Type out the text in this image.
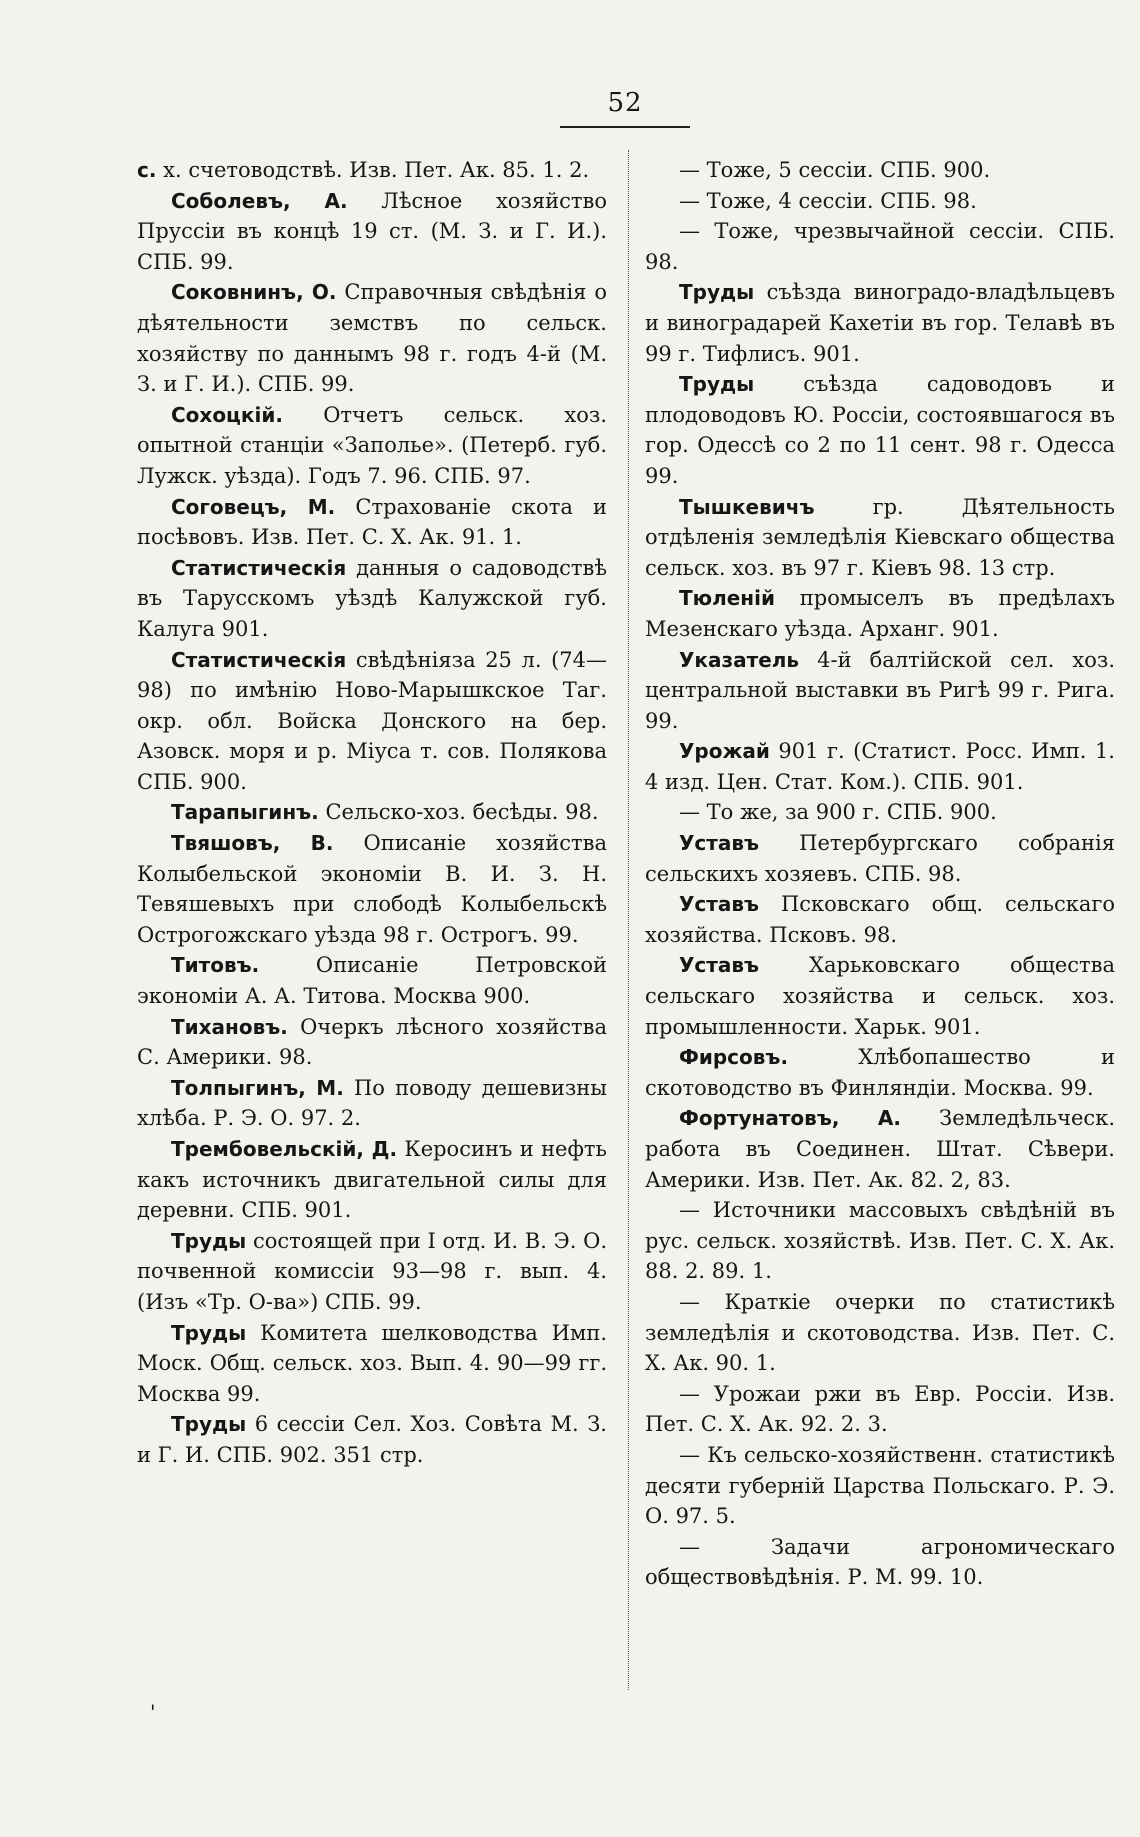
52

с. х. счетоводствѣ. Изв. Пет. Ак. 85. 1. 2.

Соболевъ, А. Лѣсное хозяйство Пруссіи въ концѣ 19 ст. (М. З. и Г. И.). СПБ. 99.

Соковнинъ, О. Справочныя свѣдѣнія о дѣятельности земствъ по сельск. хозяйству по даннымъ 98 г. годъ 4-й (М. З. и Г. И.). СПБ. 99.

Сохоцкій. Отчетъ сельск. хоз. опытной станціи «Заполье». (Петерб. губ. Лужск. уѣзда). Годъ 7. 96. СПБ. 97.

Соговецъ, М. Страхованіе скота и посѣвовъ. Изв. Пет. С. Х. Ак. 91. 1.

Статистическія данныя о садоводствѣ въ Тарусскомъ уѣздѣ Калужской губ. Калуга 901.

Статистическія свѣдѣніяза 25 л. (74—98) по имѣнію Ново-Марышкское Таг. окр. обл. Войска Донского на бер. Азовск. моря и р. Міуса т. сов. Полякова СПБ. 900.

Тарапыгинъ. Сельско-хоз. бесѣды. 98.

Твяшовъ, В. Описаніе хозяйства Колыбельской экономіи В. И. З. Н. Тевяшевыхъ при слободѣ Колыбельскѣ Острогожскаго уѣзда 98 г. Острогъ. 99.

Титовъ. Описаніе Петровской экономіи А. А. Титова. Москва 900.

Тихановъ. Очеркъ лѣсного хозяйства С. Америки. 98.

Толпыгинъ, М. По поводу дешевизны хлѣба. Р. Э. О. 97. 2.

Трембовельскій, Д. Керосинъ и нефть какъ источникъ двигательной силы для деревни. СПБ. 901.

Труды состоящей при I отд. И. В. Э. О. почвенной комиссіи 93—98 г. вып. 4. (Изъ «Тр. О-ва») СПБ. 99.

Труды Комитета шелководства Имп. Моск. Общ. сельск. хоз. Вып. 4. 90—99 гг. Москва 99.

Труды 6 сессіи Сел. Хоз. Совѣта М. З. и Г. И. СПБ. 902. 351 стр.

— Тоже, 5 сессіи. СПБ. 900.

— Тоже, 4 сессіи. СПБ. 98.

— Тоже, чрезвычайной сессіи. СПБ. 98.

Труды съѣзда виноградо-владѣльцевъ и виноградарей Кахетіи въ гор. Телавѣ въ 99 г. Тифлисъ. 901.

Труды съѣзда садоводовъ и плодоводовъ Ю. Россіи, состоявшагося въ гор. Одессѣ со 2 по 11 сент. 98 г. Одесса 99.

Тышкевичъ гр. Дѣятельность отдѣленія земледѣлія Кіевскаго общества сельск. хоз. въ 97 г. Кіевъ 98. 13 стр.

Тюленій промыселъ въ предѣлахъ Мезенскаго уѣзда. Арханг. 901.

Указатель 4-й балтійской сел. хоз. центральной выставки въ Ригѣ 99 г. Рига. 99.

Урожай 901 г. (Статист. Росс. Имп. 1. 4 изд. Цен. Стат. Ком.). СПБ. 901.

— То же, за 900 г. СПБ. 900.

Уставъ Петербургскаго собранія сельскихъ хозяевъ. СПБ. 98.

Уставъ Псковскаго общ. сельскаго хозяйства. Псковъ. 98.

Уставъ Харьковскаго общества сельскаго хозяйства и сельск. хоз. промышленности. Харьк. 901.

Фирсовъ. Хлѣбопашество и скотоводство въ Финляндіи. Москва. 99.

Фортунатовъ, А. Земледѣльческ. работа въ Соединен. Штат. Сѣвери. Америки. Изв. Пет. Ак. 82. 2, 83.

— Источники массовыхъ свѣдѣній въ рус. сельск. хозяйствѣ. Изв. Пет. С. Х. Ак. 88. 2. 89. 1.

— Краткіе очерки по статистикѣ земледѣлія и скотоводства. Изв. Пет. С. Х. Ак. 90. 1.

— Урожаи ржи въ Евр. Россіи. Изв. Пет. С. Х. Ак. 92. 2. 3.

— Къ сельско-хозяйственн. статистикѣ десяти губерній Царства Польскаго. Р. Э. О. 97. 5.

— Задачи агрономическаго обществовѣдѣнія. Р. М. 99. 10.

'
